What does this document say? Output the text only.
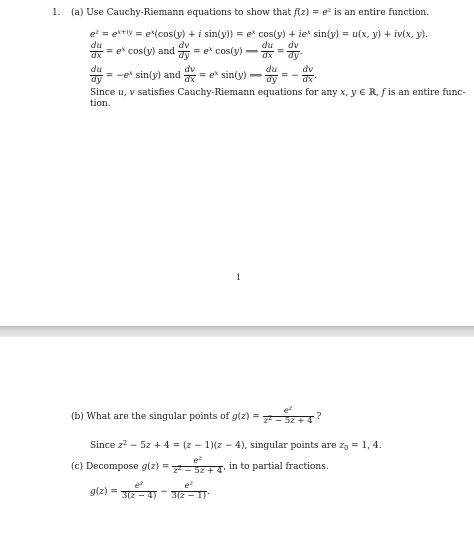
1. (a) Use Cauchy-Riemann equations to show that $f(z) = e^z$ is an entire function.
$e^z = e^{x+iy} = e^x(\cos(y) + i$ $\sin(y)) = e^x$ $\cos(y) + ie^x$ sin(y) = u(x, y) + iv(x, y).
$\frac{du}{dx} = e^x$ cos(y) and $\frac{dv}{dy} = e^x$ cos(y) ⟹ $\frac{du}{dx} = \frac{dv}{dy}$ .
$\frac{du}{dy} = -e^x$ sin(y) and $\frac{dv}{dx} = e^x$ sin(y) ⟹ $\frac{du}{dy}$ = − $\frac{dv}{dx}$ .
Since u, v satisfies Cauchy-Riemann equations for any x, y ∈ ℝ, f is an entire func-
tion.
1
(b) What are the singular points of $g(z) = \frac{e^z}{z^2 - 5z + 4}$ ?
Since $z^2 - 5z + 4 = (z - 1)(z - 4)$, singular points are $z_0 = 1$, 4.
(c) Decompose $g(z) = \frac{e^z}{z^2 - 5z + 4}$ , in to partial fractions.
$g(z) = \frac{e^z}{3(z - 4)} - \frac{e^z}{3(z - 1)}$ .
